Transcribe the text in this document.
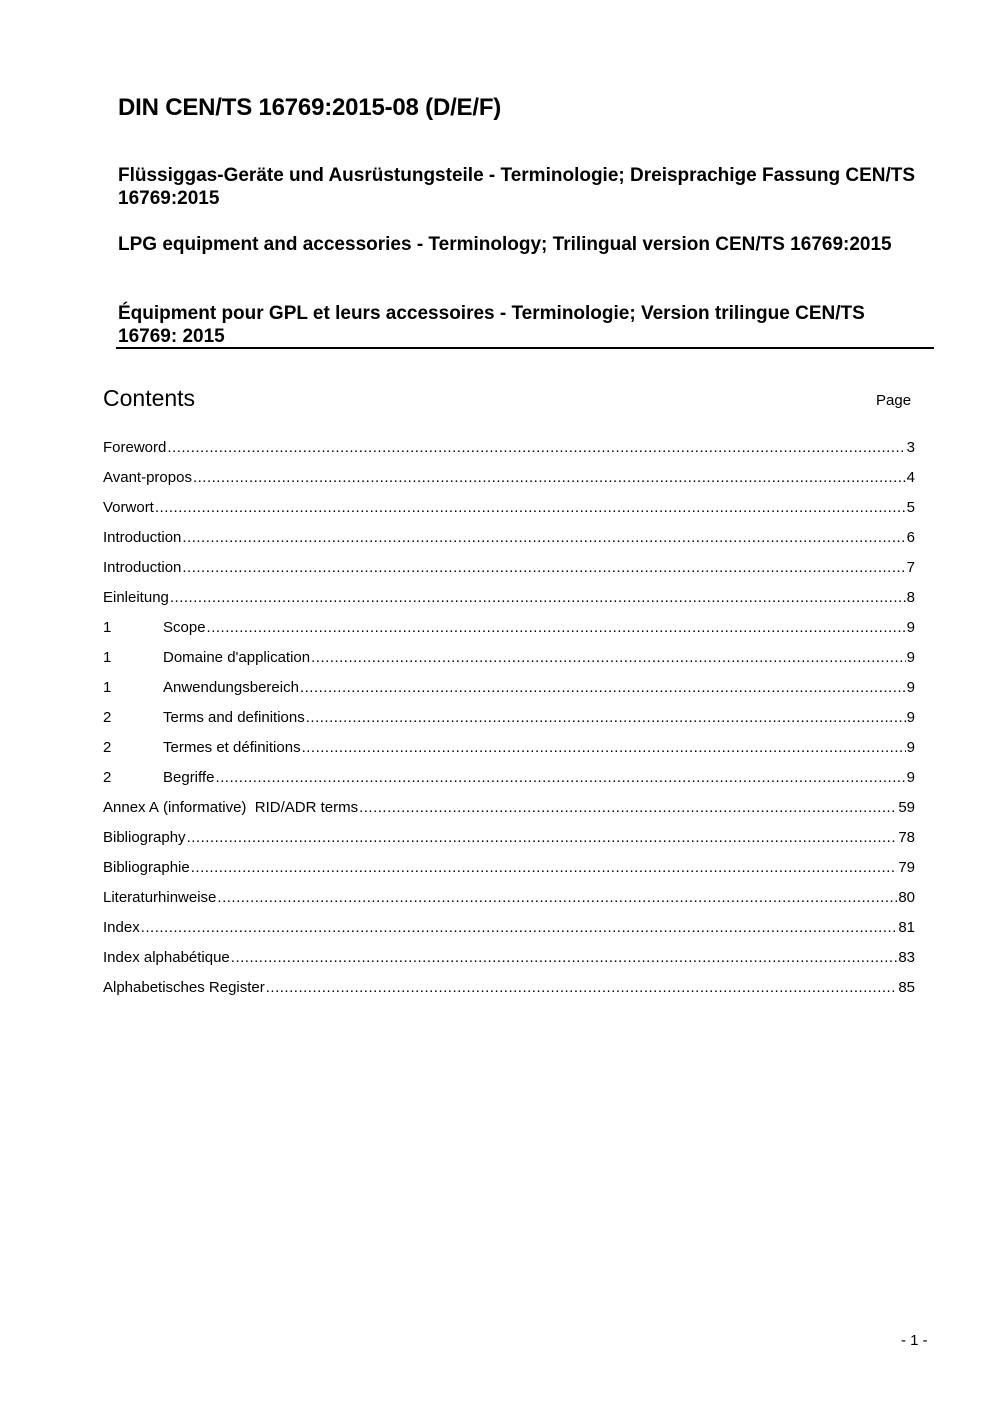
DIN CEN/TS 16769:2015-08 (D/E/F)

Flüssiggas-Geräte und Ausrüstungsteile - Terminologie; Dreisprachige Fassung CEN/TS 16769:2015

LPG equipment and accessories - Terminology; Trilingual version CEN/TS 16769:2015

Équipment pour GPL et leurs accessoires - Terminologie; Version trilingue CEN/TS 16769: 2015

Contents	Page
Foreword .....	3
Avant-propos .....	4
Vorwort .....	5
Introduction .....	6
Introduction .....	7
Einleitung .....	8
1	Scope .....	9
1	Domaine d'application .....	9
1	Anwendungsbereich .....	9
2	Terms and definitions .....	9
2	Termes et définitions .....	9
2	Begriffe .....	9
Annex A (informative)  RID/ADR terms .....	59
Bibliography .....	78
Bibliographie .....	79
Literaturhinweise .....	80
Index .....	81
Index alphabétique .....	83
Alphabetisches Register .....	85
- 1 -
